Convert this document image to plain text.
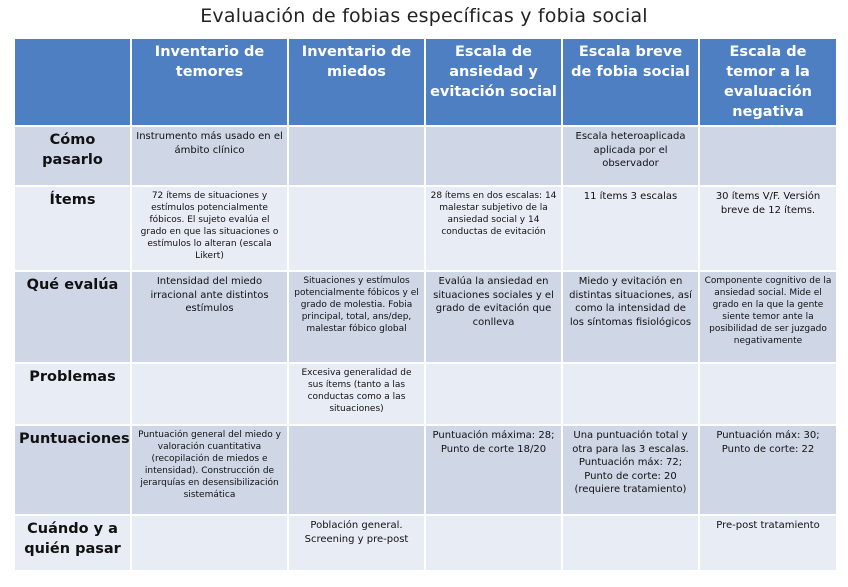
Evaluación de fobias específicas y fobia social
	Inventario de temores	Inventario de miedos	Escala de ansiedad y evitación social	Escala breve de fobia social	Escala de temor a la evaluación negativa
Cómo pasarlo	Instrumento más usado en el ámbito clínico			Escala heteroaplicada aplicada por el observador	
Ítems	72 ítems de situaciones y estímulos potencialmente fóbicos. El sujeto evalúa el grado en que las situaciones o estímulos lo alteran (escala Likert)		28 ítems en dos escalas: 14 malestar subjetivo de la ansiedad social y 14 conductas de evitación	11 ítems 3 escalas	30 ítems V/F. Versión breve de 12 ítems.
Qué evalúa	Intensidad del miedo irracional ante distintos estímulos	Situaciones y estímulos potencialmente fóbicos y el grado de molestia. Fobia principal, total, ans/dep, malestar fóbico global	Evalúa la ansiedad en situaciones sociales y el grado de evitación que conlleva	Miedo y evitación en distintas situaciones, así como la intensidad de los síntomas fisiológicos	Componente cognitivo de la ansiedad social. Mide el grado en la que la gente siente temor ante la posibilidad de ser juzgado negativamente
Problemas		Excesiva generalidad de sus ítems (tanto a las conductas como a las situaciones)			
Puntuaciones	Puntuación general del miedo y valoración cuantitativa (recopilación de miedos e intensidad). Construcción de jerarquías en desensibilización sistemática		Puntuación máxima: 28; Punto de corte 18/20	Una puntuación total y otra para las 3 escalas. Puntuación máx: 72; Punto de corte: 20 (requiere tratamiento)	Puntuación máx: 30; Punto de corte: 22
Cuándo y a quién pasar		Población general. Screening y pre-post			Pre-post tratamiento
